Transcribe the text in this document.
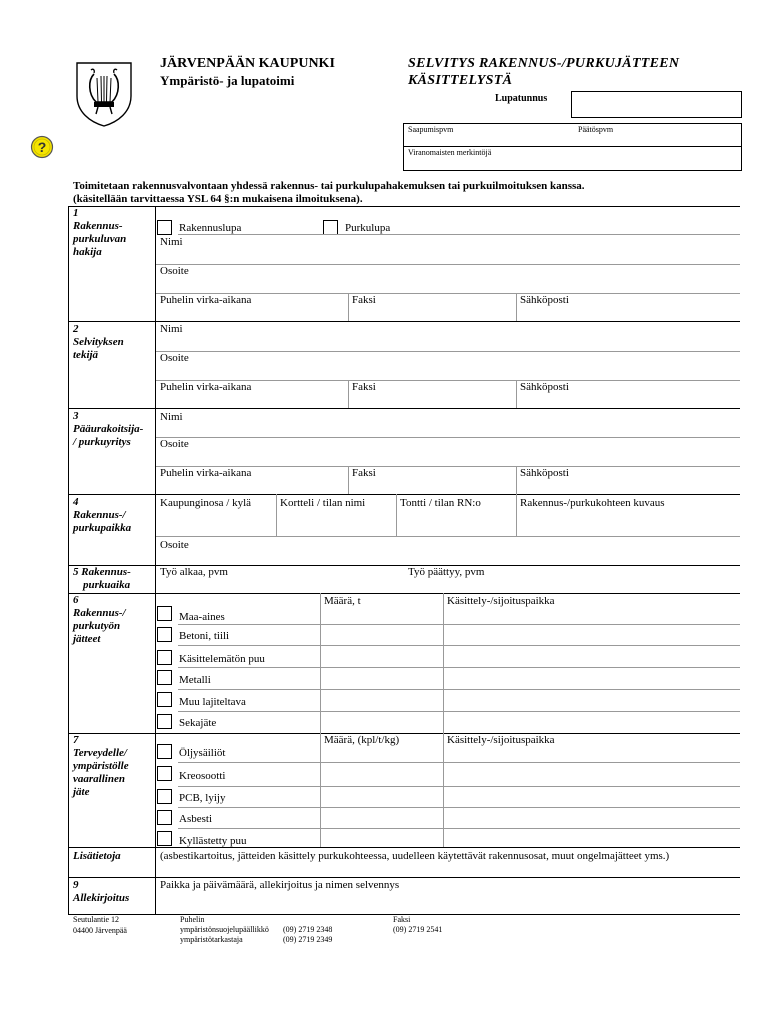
?
JÄRVENPÄÄN KAUPUNKI
Ympäristö- ja lupatoimi
SELVITYS RAKENNUS-/PURKUJÄTTEEN
KÄSITTELYSTÄ
Lupatunnus
Saapumispvm	Päätöspvm
Viranomaisten merkintöjä
Toimitetaan rakennusvalvontaan yhdessä rakennus- tai purkulupahakemuksen tai purkuilmoituksen kanssa.
(käsitellään tarvittaessa YSL 64 §:n mukaisena ilmoituksena).
1
Rakennus-
purkuluvan
hakija
Rakennuslupa	Purkulupa
Nimi
Osoite
Puhelin virka-aikana	Faksi	Sähköposti
2
Selvityksen
tekijä
Nimi
Osoite
Puhelin virka-aikana	Faksi	Sähköposti
3
Pääurakoitsija-
/ purkuyritys
Nimi
Osoite
Puhelin virka-aikana	Faksi	Sähköposti
4
Rakennus-/
purkupaikka
Kaupunginosa / kylä	Kortteli / tilan nimi	Tontti / tilan RN:o	Rakennus-/purkukohteen kuvaus
Osoite
5 Rakennus-
purkuaika
Työ alkaa, pvm	Työ päättyy, pvm
6
Rakennus-/
purkutyön
jätteet
Määrä, t	Käsittely-/sijoituspaikka
Maa-aines
Betoni, tiili
Käsittelemätön puu
Metalli
Muu lajiteltava
Sekajäte
7
Terveydelle/
ympäristölle
vaarallinen
jäte
Määrä, (kpl/t/kg)	Käsittely-/sijoituspaikka
Öljysäiliöt
Kreosootti
PCB, lyijy
Asbesti
Kyllästetty puu
Lisätietoja	(asbestikartoitus, jätteiden käsittely purkukohteessa, uudelleen käytettävät rakennusosat, muut ongelmajätteet yms.)
9
Allekirjoitus
Paikka ja päivämäärä, allekirjoitus ja nimen selvennys
Seutulantie 12
04400 Järvenpää
Puhelin
ympäristönsuojelupäällikkö (09) 2719 2348
ympäristötarkastaja	(09) 2719 2349
Faksi
(09) 2719 2541
